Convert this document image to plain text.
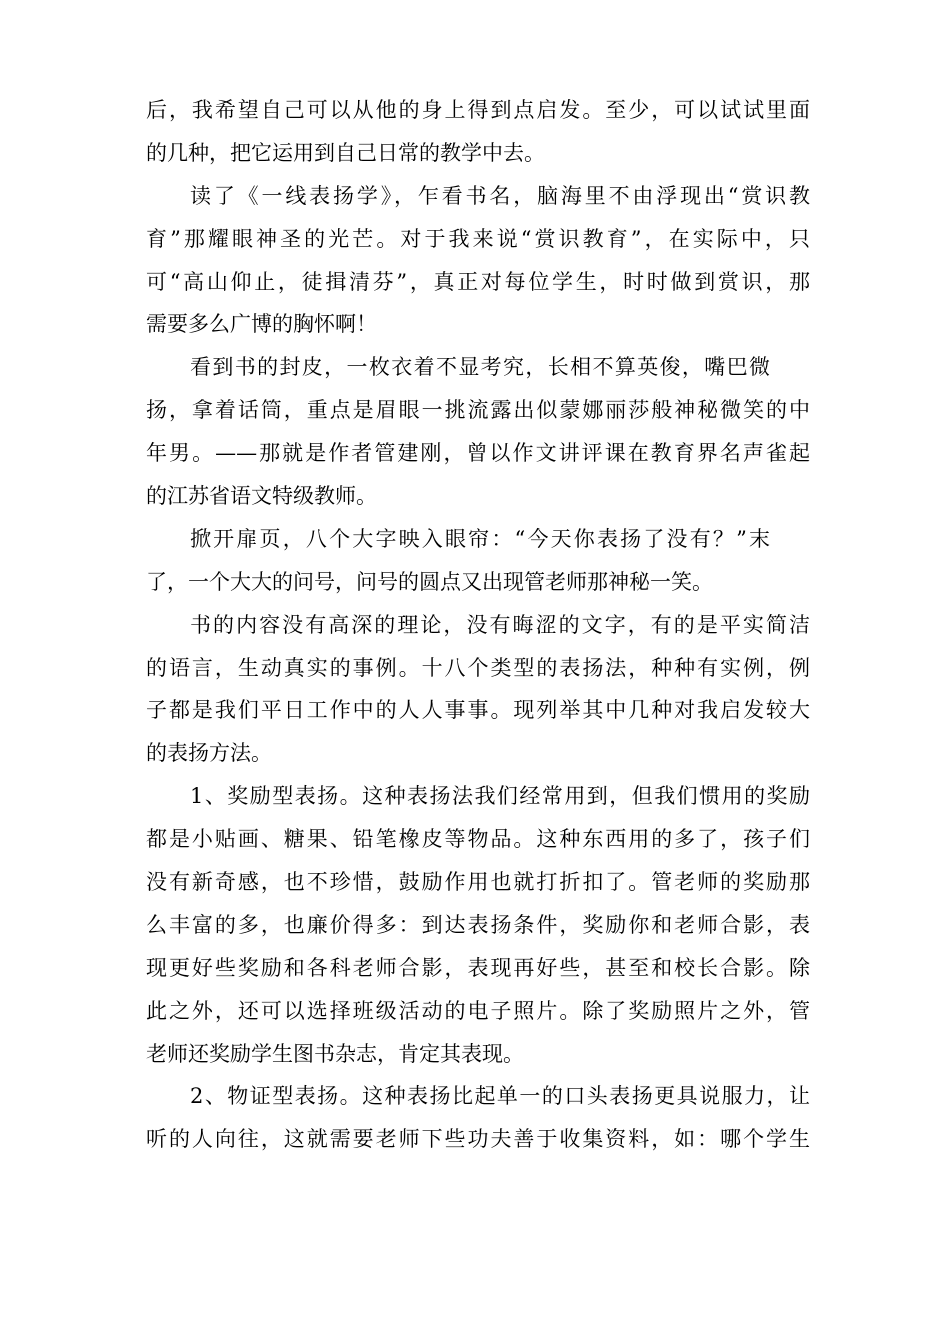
后，我希望自己可以从他的身上得到点启发。至少，可以试试里面
的几种，把它运用到自己日常的教学中去。
读了《一线表扬学》，乍看书名，脑海里不由浮现出“赏识教
育”那耀眼神圣的光芒。对于我来说“赏识教育”，在实际中，只
可“高山仰止，徒揖清芬”，真正对每位学生，时时做到赏识，那
需要多么广博的胸怀啊！
看到书的封皮，一枚衣着不显考究，长相不算英俊，嘴巴微
扬，拿着话筒，重点是眉眼一挑流露出似蒙娜丽莎般神秘微笑的中
年男。——那就是作者管建刚，曾以作文讲评课在教育界名声雀起
的江苏省语文特级教师。
掀开扉页，八个大字映入眼帘：“今天你表扬了没有？”末
了，一个大大的问号，问号的圆点又出现管老师那神秘一笑。
书的内容没有高深的理论，没有晦涩的文字，有的是平实简洁
的语言，生动真实的事例。十八个类型的表扬法，种种有实例，例
子都是我们平日工作中的人人事事。现列举其中几种对我启发较大
的表扬方法。
1、奖励型表扬。这种表扬法我们经常用到，但我们惯用的奖励
都是小贴画、糖果、铅笔橡皮等物品。这种东西用的多了，孩子们
没有新奇感，也不珍惜，鼓励作用也就打折扣了。管老师的奖励那
么丰富的多，也廉价得多：到达表扬条件，奖励你和老师合影，表
现更好些奖励和各科老师合影，表现再好些，甚至和校长合影。除
此之外，还可以选择班级活动的电子照片。除了奖励照片之外，管
老师还奖励学生图书杂志，肯定其表现。
2、物证型表扬。这种表扬比起单一的口头表扬更具说服力，让
听的人向往，这就需要老师下些功夫善于收集资料，如：哪个学生
